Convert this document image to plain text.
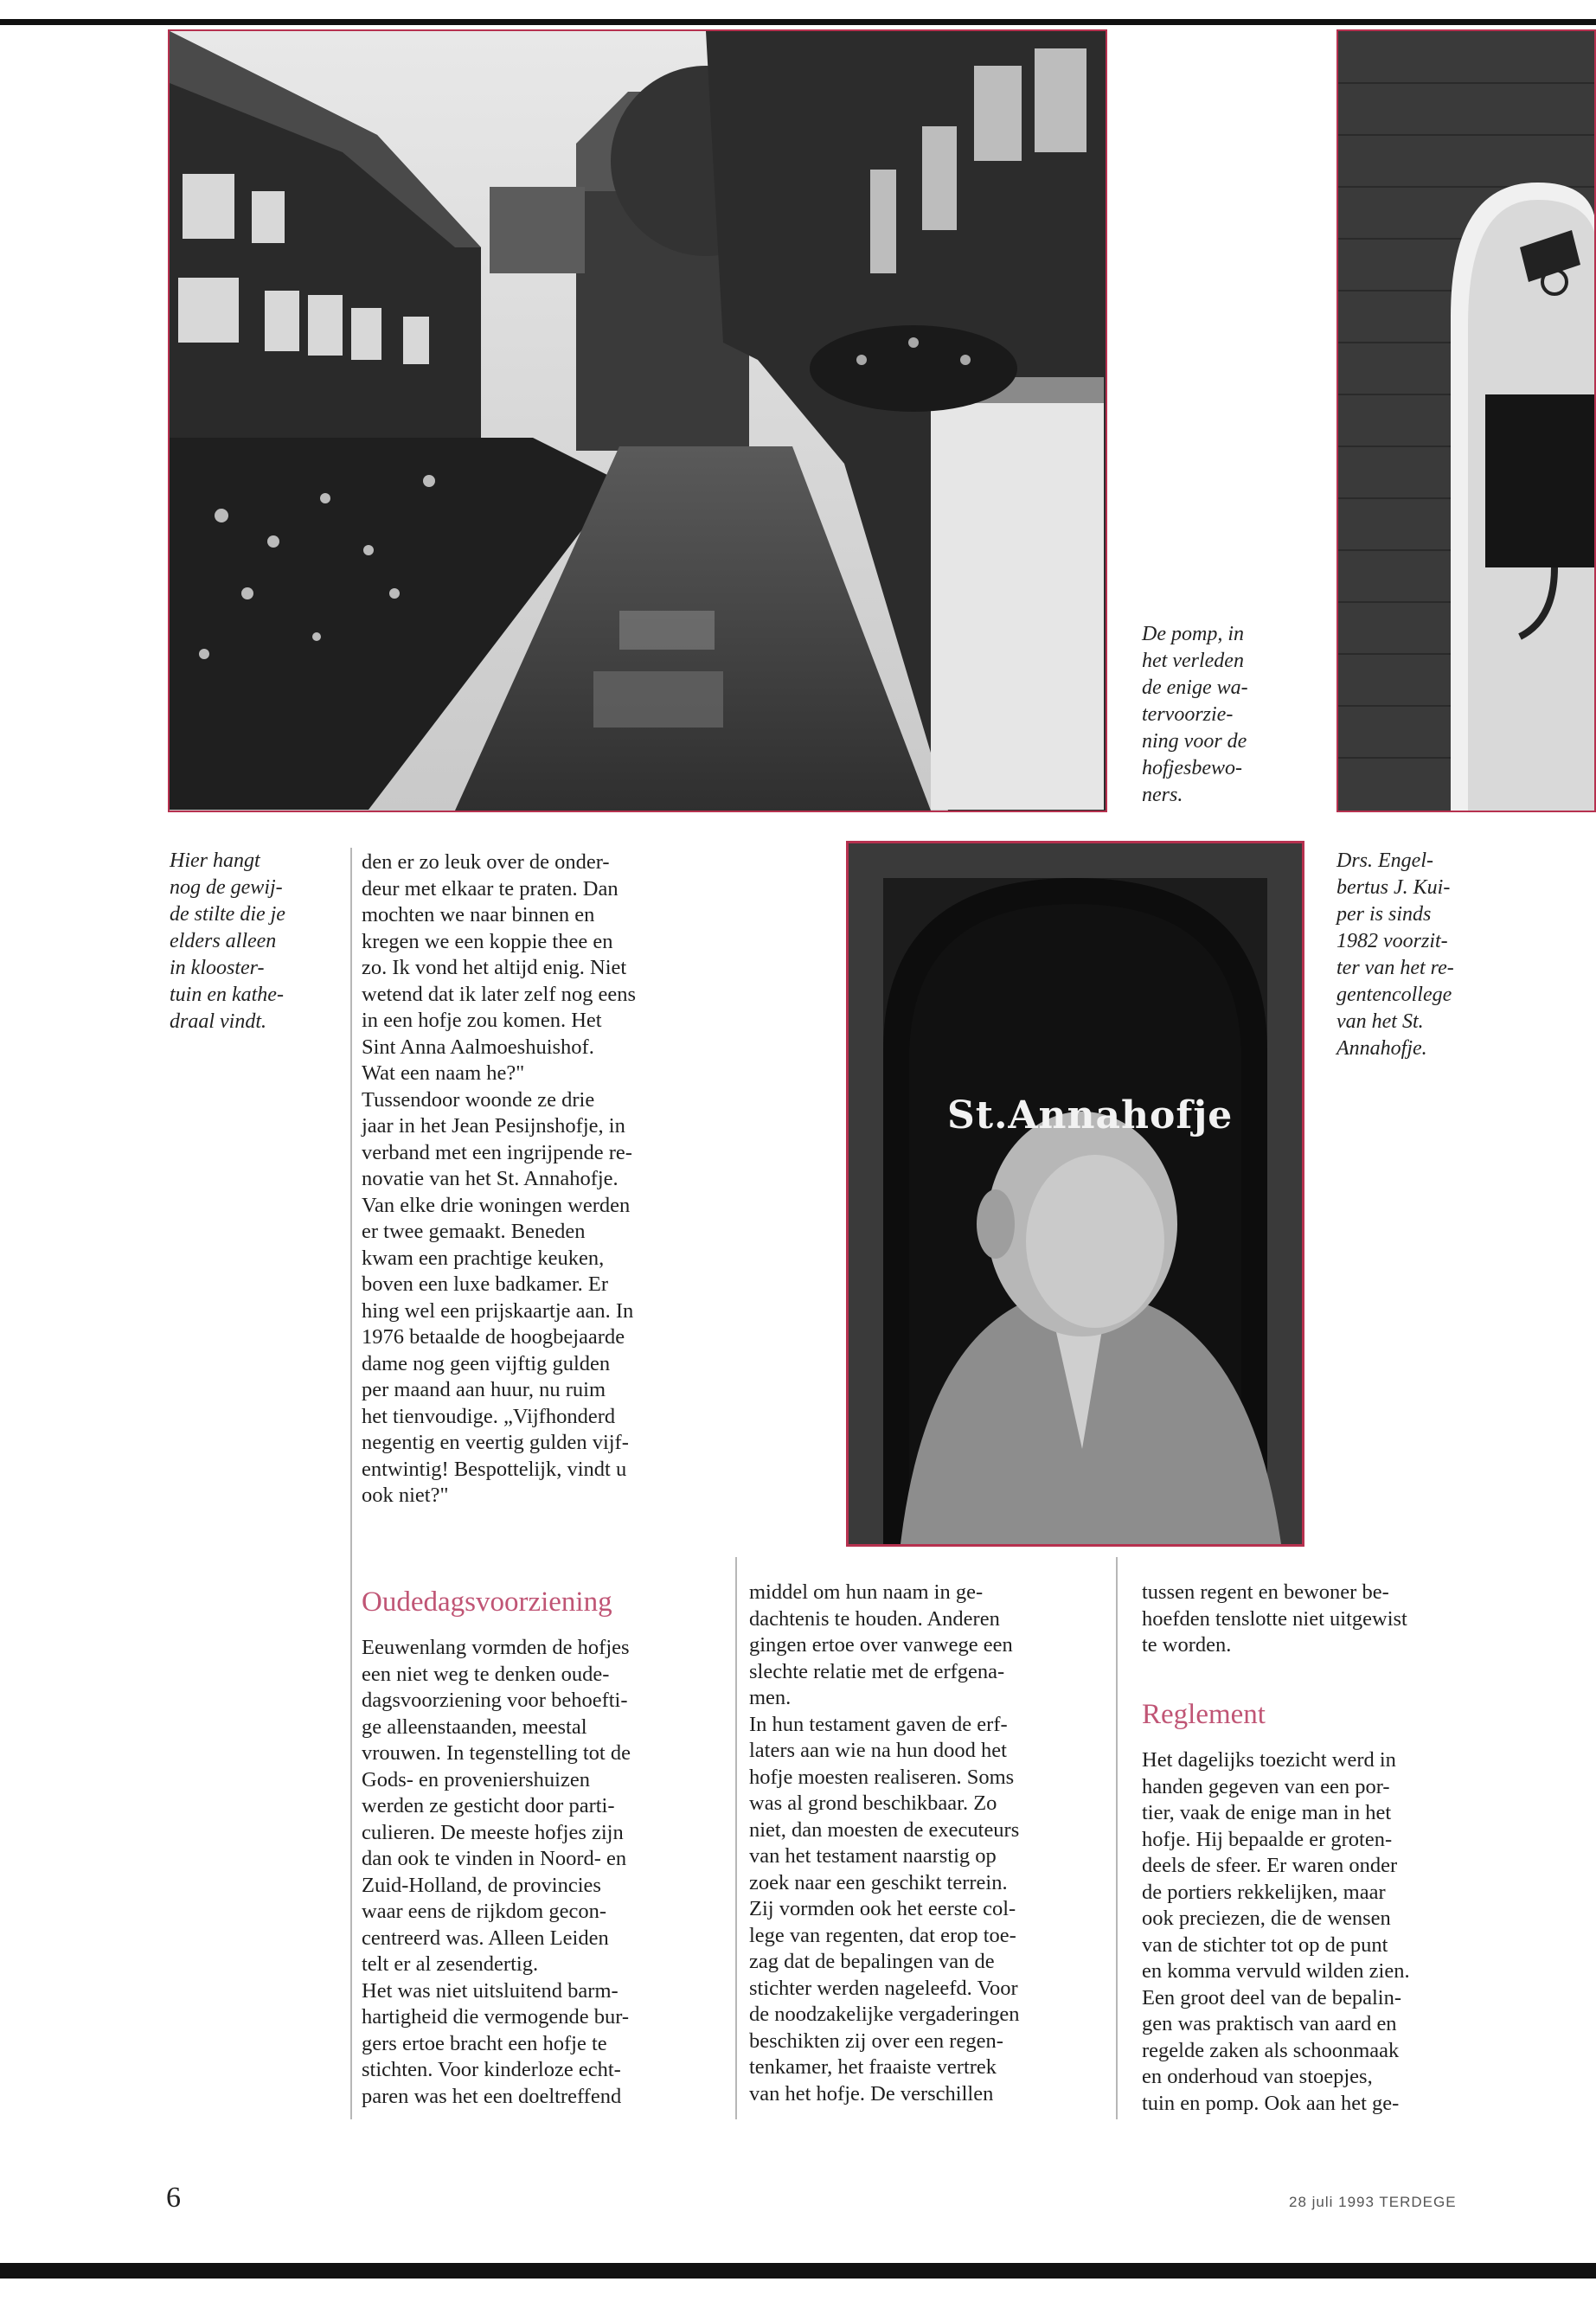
St.Annahofje
De pomp, in
het verleden
de enige wa-
tervoorzie-
ning voor de
hofjesbewo-
ners.
Hier hangt
nog de gewij-
de stilte die je
elders alleen
in klooster-
tuin en kathe-
draal vindt.
Drs. Engel-
bertus J. Kui-
per is sinds
1982 voorzit-
ter van het re-
gentencollege
van het St.
Annahofje.
den er zo leuk over de onder-
deur met elkaar te praten. Dan
mochten we naar binnen en
kregen we een koppie thee en
zo. Ik vond het altijd enig. Niet
wetend dat ik later zelf nog eens
in een hofje zou komen. Het
Sint Anna Aalmoeshuishof.
Wat een naam he?"
Tussendoor woonde ze drie
jaar in het Jean Pesijnshofje, in
verband met een ingrijpende re-
novatie van het St. Annahofje.
Van elke drie woningen werden
er twee gemaakt. Beneden
kwam een prachtige keuken,
boven een luxe badkamer. Er
hing wel een prijskaartje aan. In
1976 betaalde de hoogbejaarde
dame nog geen vijftig gulden
per maand aan huur, nu ruim
het tienvoudige. „Vijfhonderd
negentig en veertig gulden vijf-
entwintig! Bespottelijk, vindt u
ook niet?"
Oudedagsvoorziening
Eeuwenlang vormden de hofjes
een niet weg te denken oude-
dagsvoorziening voor behoefti-
ge alleenstaanden, meestal
vrouwen. In tegenstelling tot de
Gods- en proveniershuizen
werden ze gesticht door parti-
culieren. De meeste hofjes zijn
dan ook te vinden in Noord- en
Zuid-Holland, de provincies
waar eens de rijkdom gecon-
centreerd was. Alleen Leiden
telt er al zesendertig.
Het was niet uitsluitend barm-
hartigheid die vermogende bur-
gers ertoe bracht een hofje te
stichten. Voor kinderloze echt-
paren was het een doeltreffend
middel om hun naam in ge-
dachtenis te houden. Anderen
gingen ertoe over vanwege een
slechte relatie met de erfgena-
men.
In hun testament gaven de erf-
laters aan wie na hun dood het
hofje moesten realiseren. Soms
was al grond beschikbaar. Zo
niet, dan moesten de executeurs
van het testament naarstig op
zoek naar een geschikt terrein.
Zij vormden ook het eerste col-
lege van regenten, dat erop toe-
zag dat de bepalingen van de
stichter werden nageleefd. Voor
de noodzakelijke vergaderingen
beschikten zij over een regen-
tenkamer, het fraaiste vertrek
van het hofje. De verschillen
tussen regent en bewoner be-
hoefden tenslotte niet uitgewist
te worden.
Reglement
Het dagelijks toezicht werd in
handen gegeven van een por-
tier, vaak de enige man in het
hofje. Hij bepaalde er groten-
deels de sfeer. Er waren onder
de portiers rekkelijken, maar
ook preciezen, die de wensen
van de stichter tot op de punt
en komma vervuld wilden zien.
Een groot deel van de bepalin-
gen was praktisch van aard en
regelde zaken als schoonmaak
en onderhoud van stoepjes,
tuin en pomp. Ook aan het ge-
6	28 juli 1993 TERDEGE
